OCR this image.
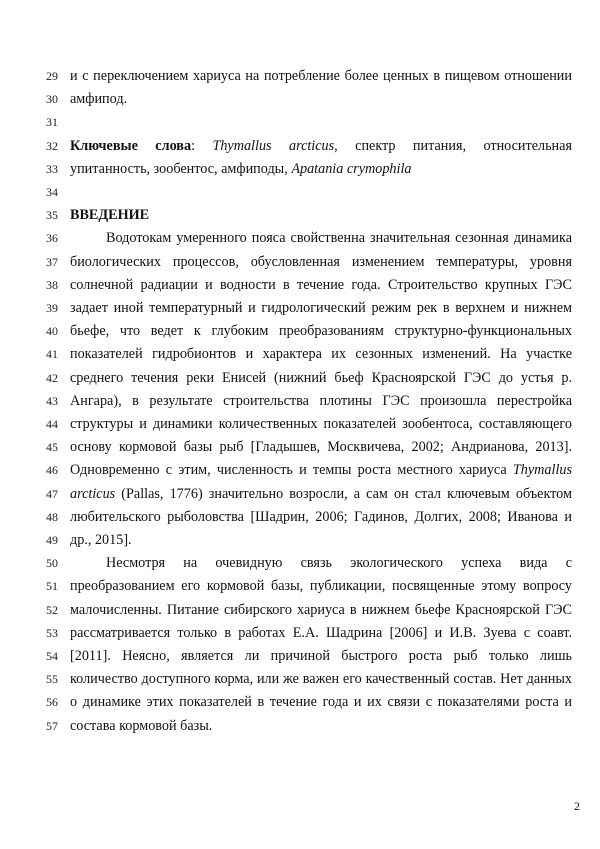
29 и с переключением хариуса на потребление более ценных в пищевом отношении
30 амфипод.
31
32 Ключевые слова: Thymallus arcticus, спектр питания, относительная
33 упитанность, зообентос, амфиподы, Apatania crymophila
34
35 ВВЕДЕНИЕ
36	Водотокам умеренного пояса свойственна значительная сезонная динамика
37 биологических процессов, обусловленная изменением температуры, уровня
38 солнечной радиации и водности в течение года. Строительство крупных ГЭС
39 задает иной температурный и гидрологический режим рек в верхнем и нижнем
40 бьефе, что ведет к глубоким преобразованиям структурно-функциональных
41 показателей гидробионтов и характера их сезонных изменений. На участке
42 среднего течения реки Енисей (нижний бьеф Красноярской ГЭС до устья р.
43 Ангара), в результате строительства плотины ГЭС произошла перестройка
44 структуры и динамики количественных показателей зообентоса, составляющего
45 основу кормовой базы рыб [Гладышев, Москвичева, 2002; Андрианова, 2013].
46 Одновременно с этим, численность и темпы роста местного хариуса Thymallus
47 arcticus (Pallas, 1776) значительно возросли, а сам он стал ключевым объектом
48 любительского рыболовства [Шадрин, 2006; Гадинов, Долгих, 2008; Иванова и
49 др., 2015].
50	Несмотря на очевидную связь экологического успеха вида с
51 преобразованием его кормовой базы, публикации, посвященные этому вопросу
52 малочисленны. Питание сибирского хариуса в нижнем бьефе Красноярской ГЭС
53 рассматривается только в работах Е.А. Шадрина [2006] и И.В. Зуева с соавт.
54 [2011]. Неясно, является ли причиной быстрого роста рыб только лишь
55 количество доступного корма, или же важен его качественный состав. Нет данных
56 о динамике этих показателей в течение года и их связи с показателями роста и
57 состава кормовой базы.
2
